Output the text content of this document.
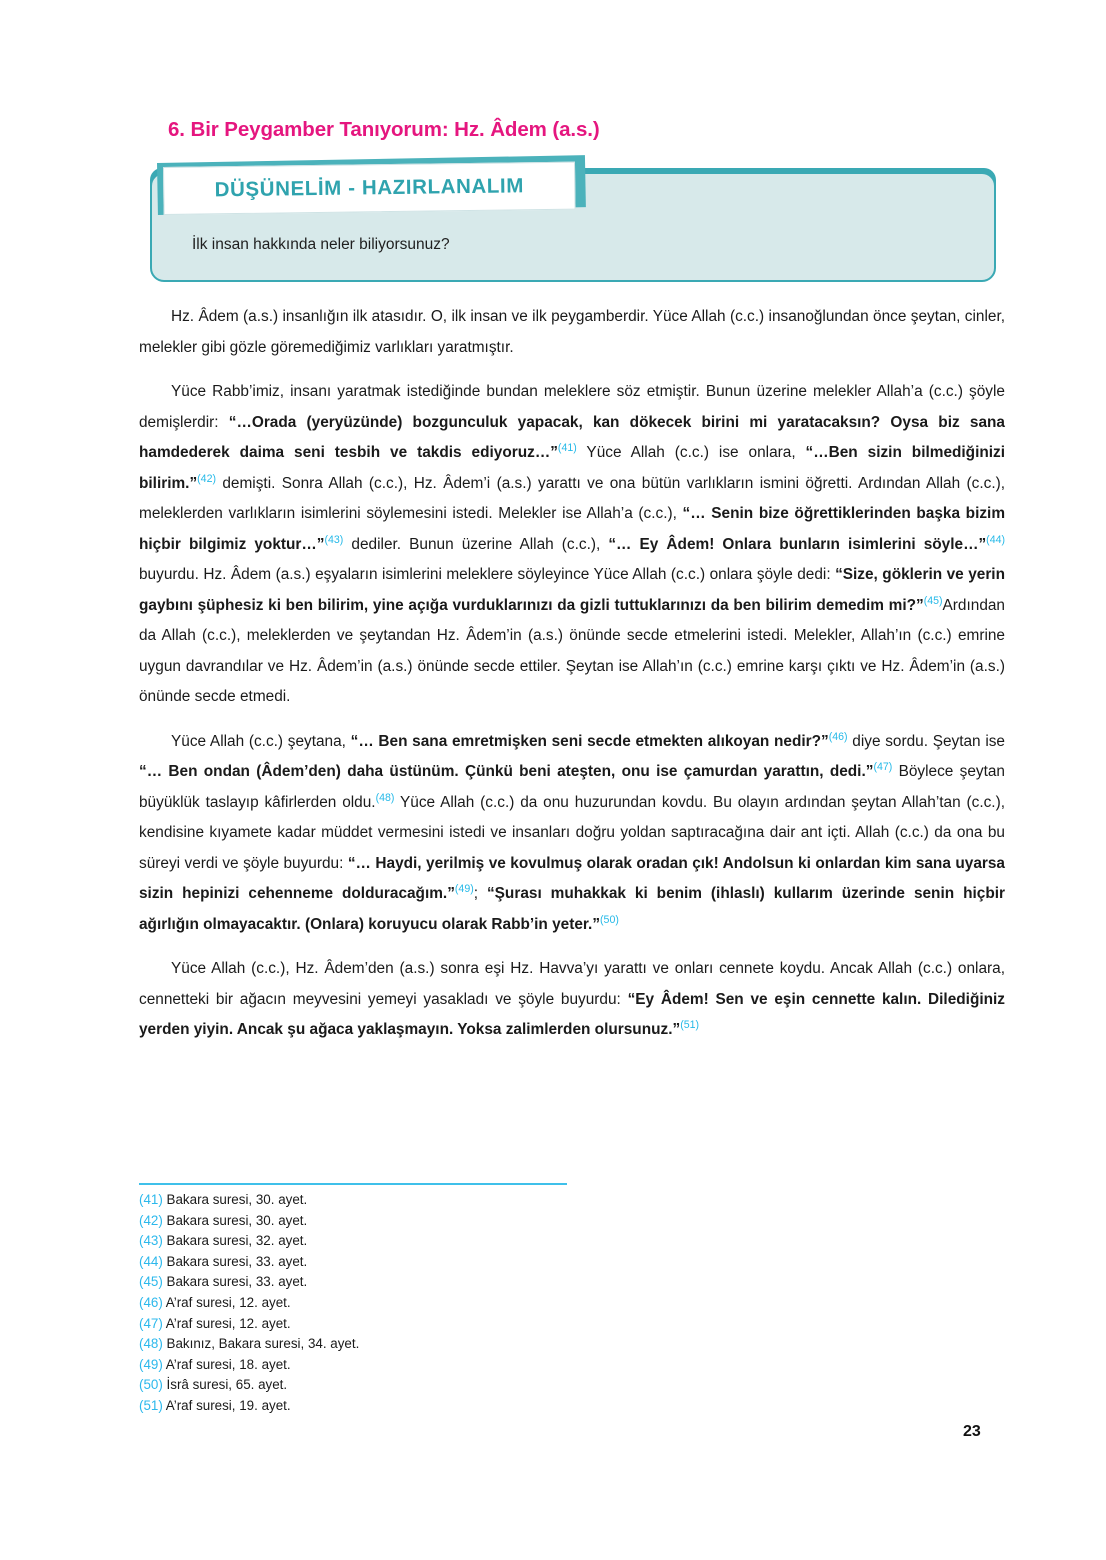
6. Bir Peygamber Tanıyorum: Hz. Âdem (a.s.)
DÜŞÜNELİM - HAZIRLANALIM
İlk insan hakkında neler biliyorsunuz?

Hz. Âdem (a.s.) insanlığın ilk atasıdır. O, ilk insan ve ilk peygamberdir. Yüce Allah (c.c.) insanoğlundan önce şeytan, cinler, melekler gibi gözle göremediğimiz varlıkları yaratmıştır.

Yüce Rabb’imiz, insanı yaratmak istediğinde bundan meleklere söz etmiştir. Bunun üzerine melekler Allah’a (c.c.) şöyle demişlerdir: “…Orada (yeryüzünde) bozgunculuk yapacak, kan dökecek birini mi yaratacaksın? Oysa biz sana hamdederek daima seni tesbih ve takdis ediyoruz…”$^{(41)}$ Yüce Allah (c.c.) ise onlara, “…Ben sizin bilmediğinizi bilirim.”$^{(42)}$ demişti. Sonra Allah (c.c.), Hz. Âdem’i (a.s.) yarattı ve ona bütün varlıkların ismini öğretti. Ardından Allah (c.c.), meleklerden varlıkların isimlerini söylemesini istedi. Melekler ise Allah’a (c.c.), “… Senin bize öğrettiklerinden başka bizim hiçbir bilgimiz yoktur…”$^{(43)}$ dediler. Bunun üzerine Allah (c.c.), “… Ey Âdem! Onlara bunların isimlerini söyle…”$^{(44)}$ buyurdu. Hz. Âdem (a.s.) eşyaların isimlerini meleklere söyleyince Yüce Allah (c.c.) onlara şöyle dedi: “Size, göklerin ve yerin gaybını şüphesiz ki ben bilirim, yine açığa vurduklarınızı da gizli tuttuklarınızı da ben bilirim demedim mi?”$^{(45)}$Ardından da Allah (c.c.), meleklerden ve şeytandan Hz. Âdem’in (a.s.) önünde secde etmelerini istedi. Melekler, Allah’ın (c.c.) emrine uygun davrandılar ve Hz. Âdem’in (a.s.) önünde secde ettiler. Şeytan ise Allah’ın (c.c.) emrine karşı çıktı ve Hz. Âdem’in (a.s.) önünde secde etmedi.

Yüce Allah (c.c.) şeytana, “… Ben sana emretmişken seni secde etmekten alıkoyan nedir?”$^{(46)}$ diye sordu. Şeytan ise “… Ben ondan (Âdem’den) daha üstünüm. Çünkü beni ateşten, onu ise çamurdan yarattın, dedi.”$^{(47)}$ Böylece şeytan büyüklük taslayıp kâfirlerden oldu.$^{(48)}$ Yüce Allah (c.c.) da onu huzurundan kovdu. Bu olayın ardından şeytan Allah’tan (c.c.), kendisine kıyamete kadar müddet vermesini istedi ve insanları doğru yoldan saptıracağına dair ant içti. Allah (c.c.) da ona bu süreyi verdi ve şöyle buyurdu: “… Haydi, yerilmiş ve kovulmuş olarak oradan çık! Andolsun ki onlardan kim sana uyarsa sizin hepinizi cehenneme dolduracağım.”$^{(49)}$; “Şurası muhakkak ki benim (ihlaslı) kullarım üzerinde senin hiçbir ağırlığın olmayacaktır. (Onlara) koruyucu olarak Rabb’in yeter.”$^{(50)}$

Yüce Allah (c.c.), Hz. Âdem’den (a.s.) sonra eşi Hz. Havva’yı yarattı ve onları cennete koydu. Ancak Allah (c.c.) onlara, cennetteki bir ağacın meyvesini yemeyi yasakladı ve şöyle buyurdu: “Ey Âdem! Sen ve eşin cennette kalın. Dilediğiniz yerden yiyin. Ancak şu ağaca yaklaşmayın. Yoksa zalimlerden olursunuz.”$^{(51)}$

(41) Bakara suresi, 30. ayet.
(42) Bakara suresi, 30. ayet.
(43) Bakara suresi, 32. ayet.
(44) Bakara suresi, 33. ayet.
(45) Bakara suresi, 33. ayet.
(46) A’raf suresi, 12. ayet.
(47) A’raf suresi, 12. ayet.
(48) Bakınız, Bakara suresi, 34. ayet.
(49) A’raf suresi, 18. ayet.
(50) İsrâ suresi, 65. ayet.
(51) A’raf suresi, 19. ayet.
23
